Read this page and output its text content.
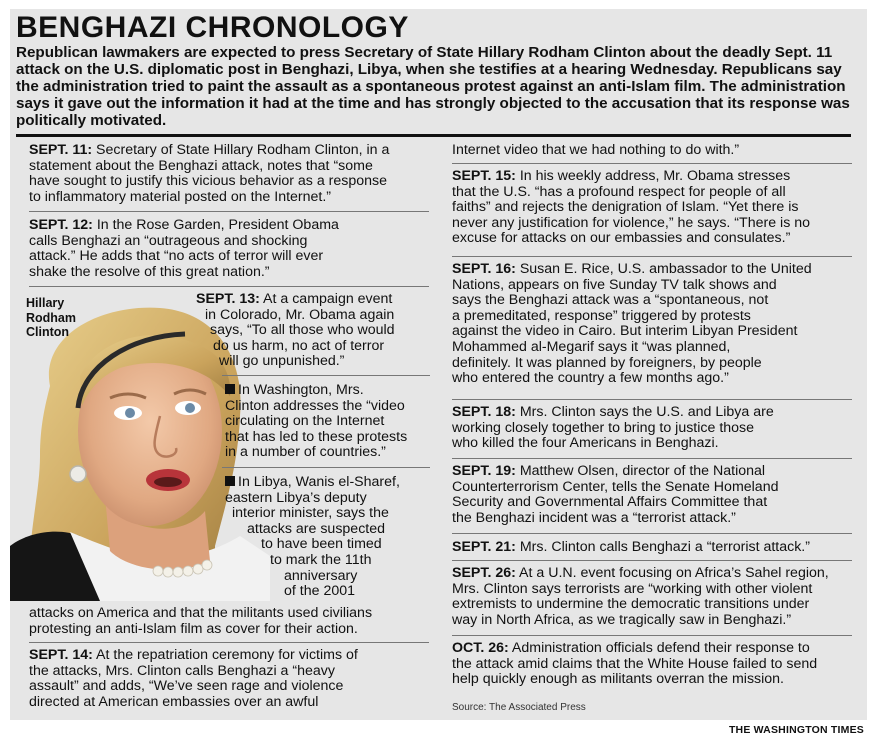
BENGHAZI CHRONOLOGY

Republican lawmakers are expected to press Secretary of State Hillary Rodham Clinton about the deadly Sept. 11 attack on the U.S. diplomatic post in Benghazi, Libya, when she testifies at a hearing Wednesday. Republicans say the administration tried to paint the assault as a spontaneous protest against an anti-Islam film. The administration says it gave out the information it had at the time and has strongly objected to the accusation that its response was politically motivated.

Hillary
Rodham
Clinton
SEPT. 11: Secretary of State Hillary Rodham Clinton, in a
statement about the Benghazi attack, notes that “some
have sought to justify this vicious behavior as a response
to inflammatory material posted on the Internet.”
SEPT. 12: In the Rose Garden, President Obama
calls Benghazi an “outrageous and shocking
attack.” He adds that “no acts of terror will ever
shake the resolve of this great nation.”
SEPT. 13: At a campaign event
in Colorado, Mr. Obama again
says, “To all those who would
do us harm, no act of terror
will go unpunished.”
In Washington, Mrs.
Clinton addresses the “video
circulating on the Internet
that has led to these protests
in a number of countries.”
In Libya, Wanis el-Sharef,
eastern Libya’s deputy
interior minister, says the
attacks are suspected
to have been timed
to mark the 11th
anniversary
of the 2001
attacks on America and that the militants used civilians
protesting an anti-Islam film as cover for their action.
SEPT. 14: At the repatriation ceremony for victims of
the attacks, Mrs. Clinton calls Benghazi a “heavy
assault” and adds, “We’ve seen rage and violence
directed at American embassies over an awful
Internet video that we had nothing to do with.”
SEPT. 15: In his weekly address, Mr. Obama stresses
that the U.S. “has a profound respect for people of all
faiths” and rejects the denigration of Islam. “Yet there is
never any justification for violence,” he says. “There is no
excuse for attacks on our embassies and consulates.”
SEPT. 16: Susan E. Rice, U.S. ambassador to the United
Nations, appears on five Sunday TV talk shows and
says the Benghazi attack was a “spontaneous, not
a premeditated, response” triggered by protests
against the video in Cairo. But interim Libyan President
Mohammed al-Megarif says it “was planned,
definitely. It was planned by foreigners, by people
who entered the country a few months ago.”
SEPT. 18: Mrs. Clinton says the U.S. and Libya are
working closely together to bring to justice those
who killed the four Americans in Benghazi.
SEPT. 19: Matthew Olsen, director of the National
Counterterrorism Center, tells the Senate Homeland
Security and Governmental Affairs Committee that
the Benghazi incident was a “terrorist attack.”
SEPT. 21: Mrs. Clinton calls Benghazi a “terrorist attack.”
SEPT. 26: At a U.N. event focusing on Africa’s Sahel region,
Mrs. Clinton says terrorists are “working with other violent
extremists to undermine the democratic transitions under
way in North Africa, as we tragically saw in Benghazi.”
OCT. 26: Administration officials defend their response to
the attack amid claims that the White House failed to send
help quickly enough as militants overran the mission.
Source: The Associated Press
THE WASHINGTON TIMES
